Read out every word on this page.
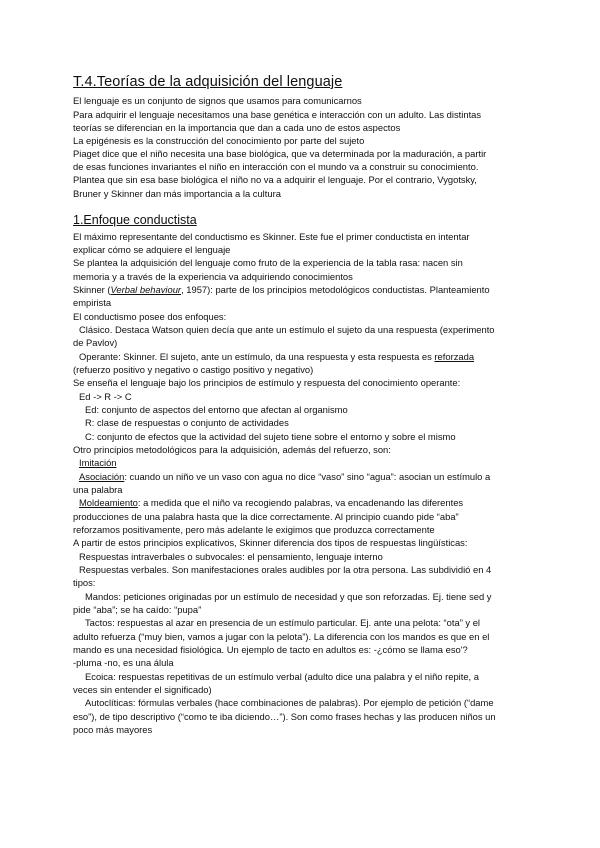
T.4.Teorías de la adquisición del lenguaje
El lenguaje es un conjunto de signos que usamos para comunicarnos
Para adquirir el lenguaje necesitamos una base genética e interacción con un adulto. Las distintas
teorías se diferencian en la importancia que dan a cada uno de estos aspectos
La epigénesis es la construcción del conocimiento por parte del sujeto
Piaget dice que el niño necesita una base biológica, que va determinada por la maduración, a partir
de esas funciones invariantes el niño en interacción con el mundo va a construir su conocimiento.
Plantea que sin esa base biológica el niño no va a adquirir el lenguaje. Por el contrario, Vygotsky,
Bruner y Skinner dan más importancia a la cultura
1.Enfoque conductista
El máximo representante del conductismo es Skinner. Este fue el primer conductista en intentar
explicar cómo se adquiere el lenguaje
Se plantea la adquisición del lenguaje como fruto de la experiencia de la tabla rasa: nacen sin
memoria y a través de la experiencia va adquiriendo conocimientos
Skinner (Verbal behaviour, 1957): parte de los principios metodológicos conductistas. Planteamiento
empirista
El conductismo posee dos enfoques:
Clásico. Destaca Watson quien decía que ante un estímulo el sujeto da una respuesta (experimento
de Pavlov)
Operante: Skinner. El sujeto, ante un estímulo, da una respuesta y esta respuesta es reforzada
(refuerzo positivo y negativo o castigo positivo y negativo)
Se enseña el lenguaje bajo los principios de estímulo y respuesta del conocimiento operante:
Ed -> R -> C
Ed: conjunto de aspectos del entorno que afectan al organismo
R: clase de respuestas o conjunto de actividades
C: conjunto de efectos que la actividad del sujeto tiene sobre el entorno y sobre el mismo
Otro principios metodológicos para la adquisición, además del refuerzo, son:
Imitación
Asociación: cuando un niño ve un vaso con agua no dice “vaso” sino “agua”: asocian un estímulo a
una palabra
Moldeamiento: a medida que el niño va recogiendo palabras, va encadenando las diferentes
producciones de una palabra hasta que la dice correctamente. Al principio cuando pide “aba”
reforzamos positivamente, pero más adelante le exigimos que produzca correctamente
A partir de estos principios explicativos, Skinner diferencia dos tipos de respuestas lingüísticas:
Respuestas intraverbales o subvocales: el pensamiento, lenguaje interno
Respuestas verbales. Son manifestaciones orales audibles por la otra persona. Las subdividió en 4
tipos:
Mandos: peticiones originadas por un estímulo de necesidad y que son reforzadas. Ej. tiene sed y
pide “aba”; se ha caído: “pupa”
Tactos: respuestas al azar en presencia de un estímulo particular. Ej. ante una pelota: “ota” y el
adulto refuerza (“muy bien, vamos a jugar con la pelota”). La diferencia con los mandos es que en el
mando es una necesidad fisiológica. Un ejemplo de tacto en adultos es: -¿cómo se llama eso'?
-pluma -no, es una álula
Ecoica: respuestas repetitivas de un estímulo verbal (adulto dice una palabra y el niño repite, a
veces sin entender el significado)
Autoclíticas: fórmulas verbales (hace combinaciones de palabras). Por ejemplo de petición (“dame
eso”), de tipo descriptivo (“como te iba diciendo…”). Son como frases hechas y las producen niños un
poco más mayores
